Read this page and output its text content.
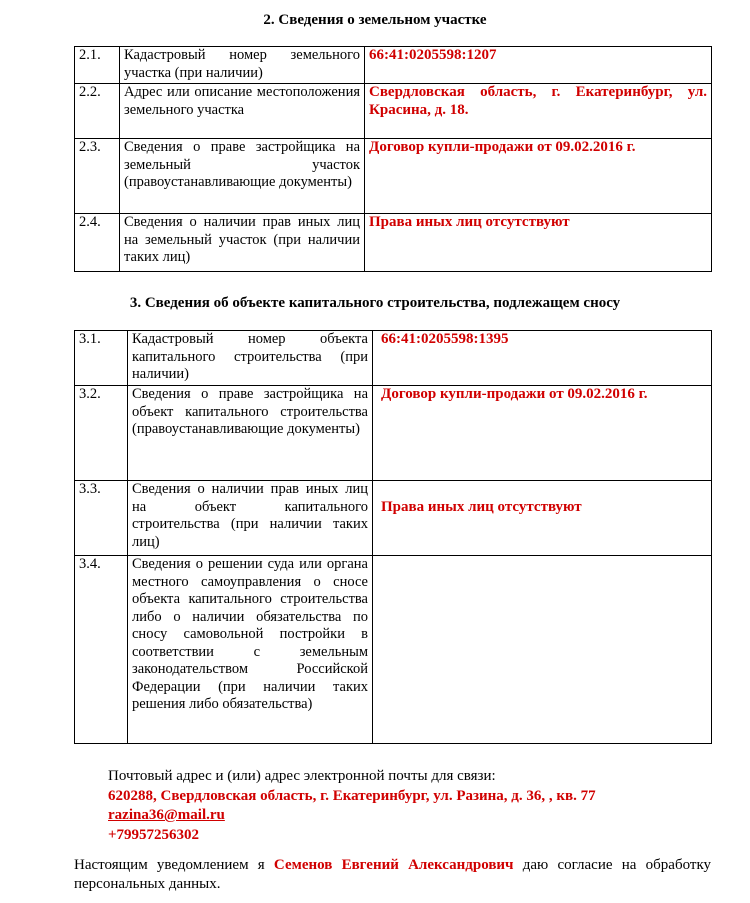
2. Сведения о земельном участке
2.1.	Кадастровый номер земельного участка (при наличии)	66:41:0205598:1207
2.2.	Адрес или описание местоположения земельного участка	Свердловская область, г. Екатеринбург, ул. Красина, д. 18.
2.3.	Сведения о праве застройщика на земельный участок (правоустанавливающие документы)	Договор купли-продажи от 09.02.2016 г.
2.4.	Сведения о наличии прав иных лиц на земельный участок (при наличии таких лиц)	Права иных лиц отсутствуют
3. Сведения об объекте капитального строительства, подлежащем сносу
3.1.	Кадастровый номер объекта капитального строительства (при наличии)	66:41:0205598:1395
3.2.	Сведения о праве застройщика на объект капитального строительства (правоустанавливающие документы)	Договор купли-продажи от 09.02.2016 г.
3.3.	Сведения о наличии прав иных лиц на объект капитального строительства (при наличии таких лиц)	Права иных лиц отсутствуют
3.4.	Сведения о решении суда или органа местного самоуправления о сносе объекта капитального строительства либо о наличии обязательства по сносу самовольной постройки в соответствии с земельным законодательством Российской Федерации (при наличии таких решения либо обязательства)	
Почтовый адрес и (или) адрес электронной почты для связи:
620288, Свердловская область, г. Екатеринбург, ул. Разина, д. 36, , кв. 77
razina36@mail.ru
+79957256302
Настоящим уведомлением я Семенов Евгений Александрович даю согласие на обработку персональных данных.
